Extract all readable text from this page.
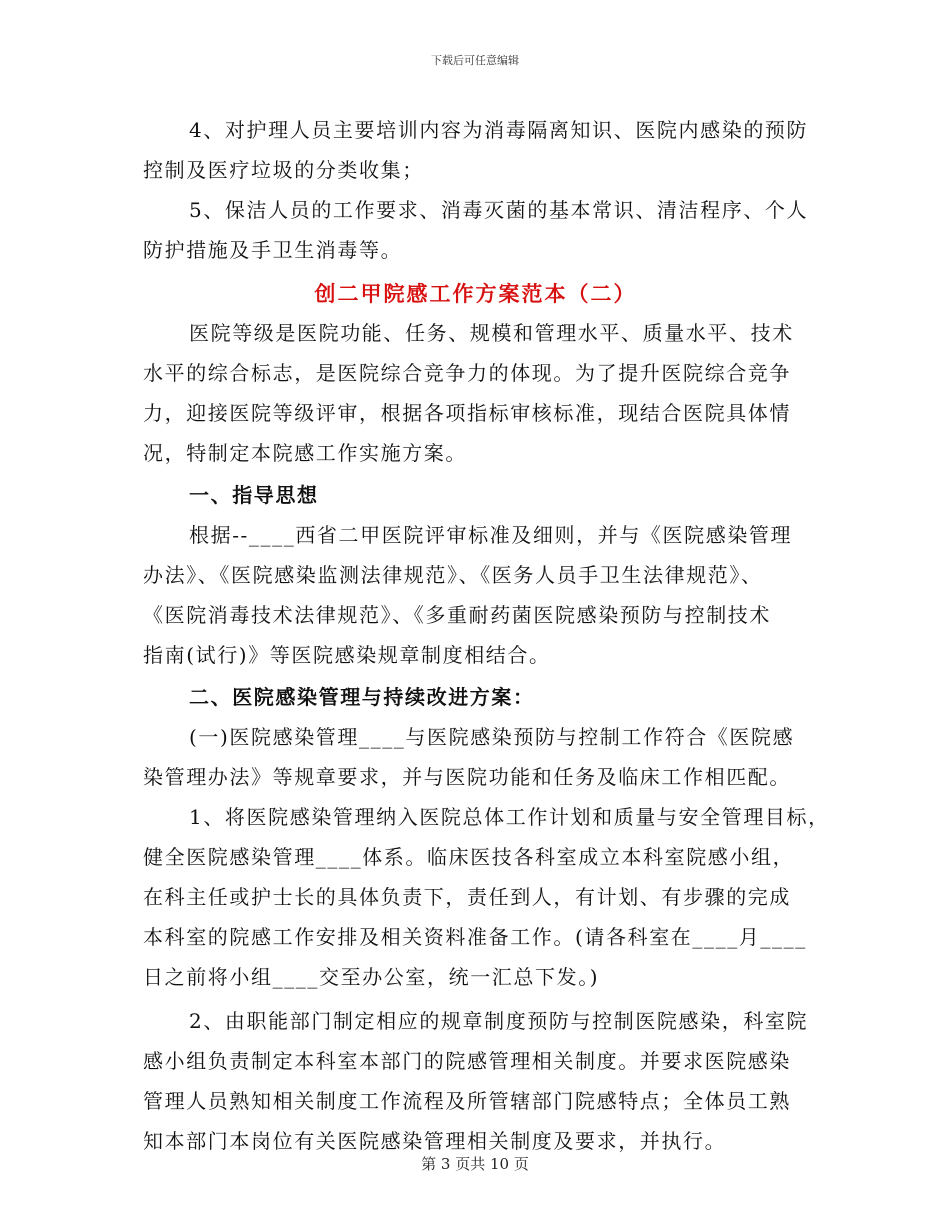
下载后可任意编辑
4、对护理人员主要培训内容为消毒隔离知识、医院内感染的预防
控制及医疗垃圾的分类收集；
5、保洁人员的工作要求、消毒灭菌的基本常识、清洁程序、个人
防护措施及手卫生消毒等。
创二甲院感工作方案范本（二）
医院等级是医院功能、任务、规模和管理水平、质量水平、技术
水平的综合标志，是医院综合竞争力的体现。为了提升医院综合竞争
力，迎接医院等级评审，根据各项指标审核标准，现结合医院具体情
况，特制定本院感工作实施方案。
一、指导思想
根据--____西省二甲医院评审标准及细则，并与《医院感染管理
办法》、《医院感染监测法律规范》、《医务人员手卫生法律规范》、
《医院消毒技术法律规范》、《多重耐药菌医院感染预防与控制技术
指南(试行)》等医院感染规章制度相结合。
二、医院感染管理与持续改进方案：
(一)医院感染管理____与医院感染预防与控制工作符合《医院感
染管理办法》等规章要求，并与医院功能和任务及临床工作相匹配。
1、将医院感染管理纳入医院总体工作计划和质量与安全管理目标，
健全医院感染管理____体系。临床医技各科室成立本科室院感小组，
在科主任或护士长的具体负责下，责任到人，有计划、有步骤的完成
本科室的院感工作安排及相关资料准备工作。(请各科室在____月____
日之前将小组____交至办公室，统一汇总下发。)
2、由职能部门制定相应的规章制度预防与控制医院感染，科室院
感小组负责制定本科室本部门的院感管理相关制度。并要求医院感染
管理人员熟知相关制度工作流程及所管辖部门院感特点；全体员工熟
知本部门本岗位有关医院感染管理相关制度及要求，并执行。
第 3 页共 10 页
